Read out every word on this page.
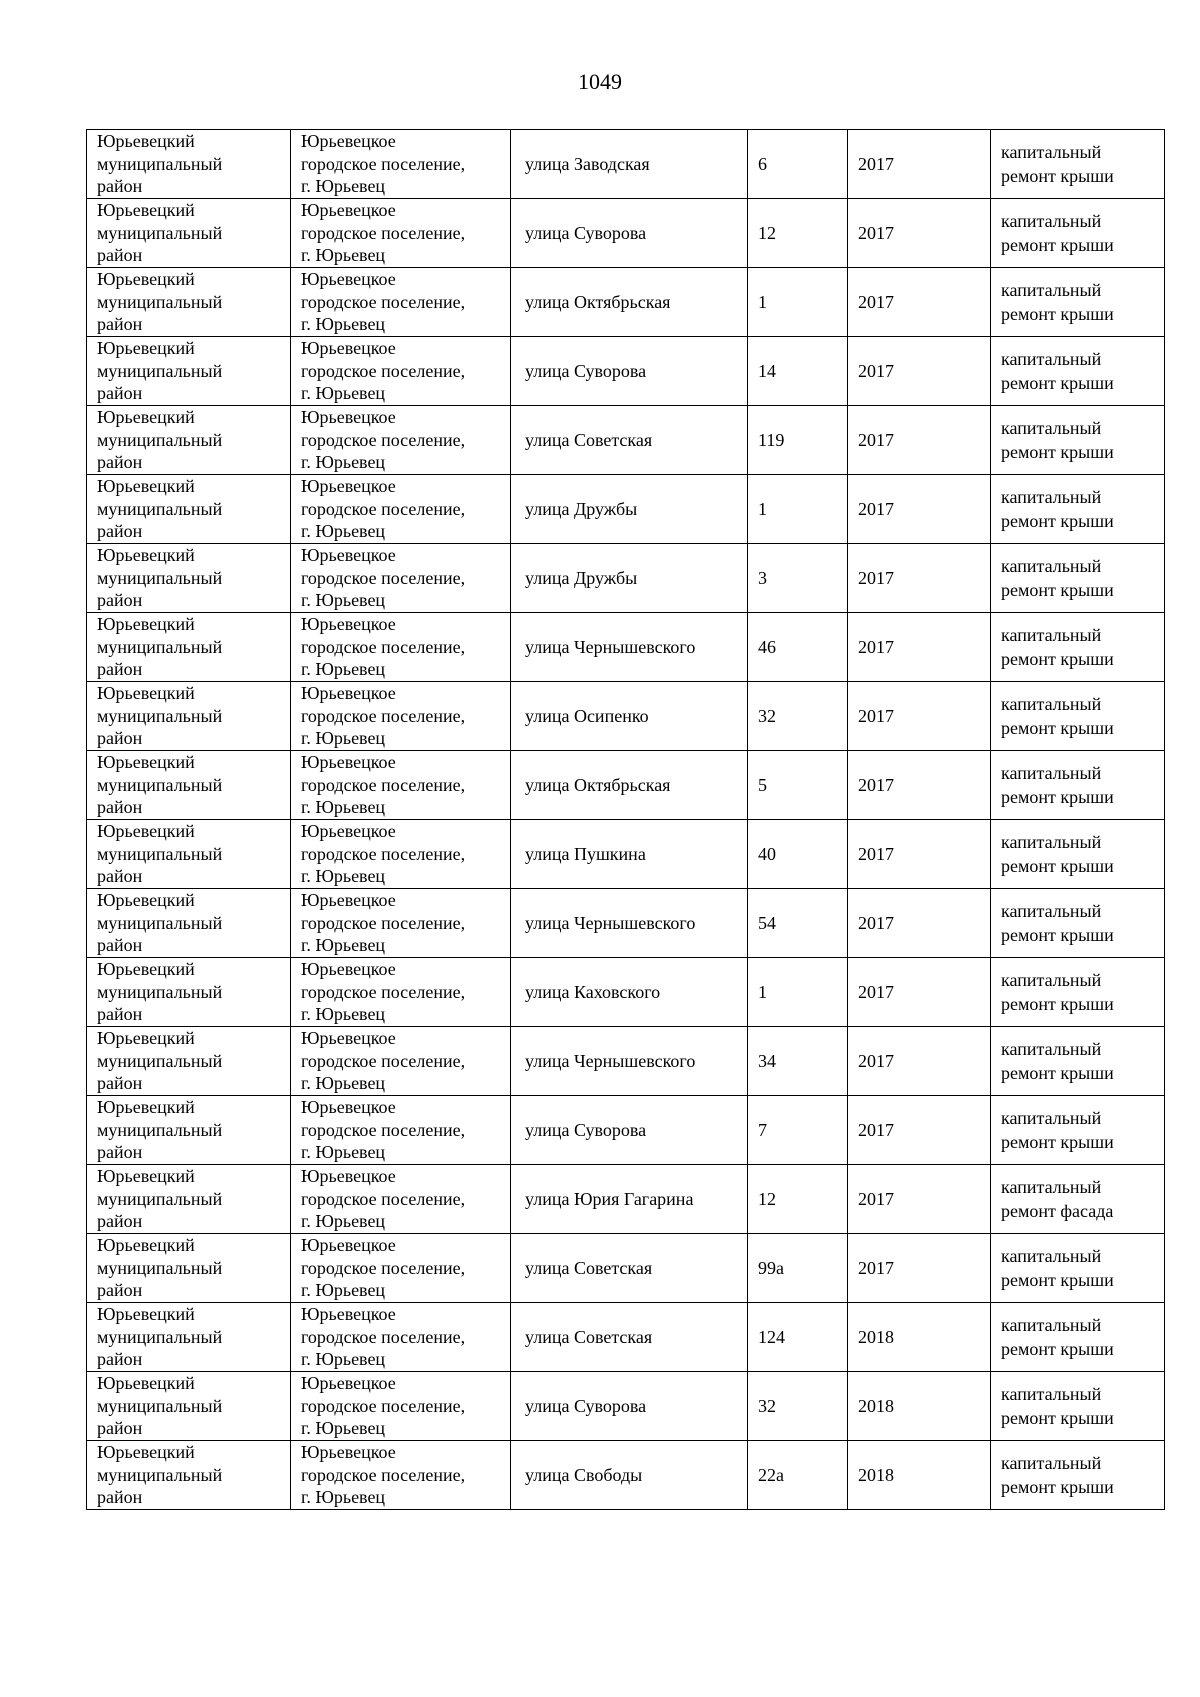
1049
Юрьевецкий
муниципальный
район	Юрьевецкое
городское поселение,
г. Юрьевец	улица Заводская	6	2017	капитальный
ремонт крыши

Юрьевецкий
муниципальный
район	Юрьевецкое
городское поселение,
г. Юрьевец	улица Суворова	12	2017	капитальный
ремонт крыши

Юрьевецкий
муниципальный
район	Юрьевецкое
городское поселение,
г. Юрьевец	улица Октябрьская	1	2017	капитальный
ремонт крыши

Юрьевецкий
муниципальный
район	Юрьевецкое
городское поселение,
г. Юрьевец	улица Суворова	14	2017	капитальный
ремонт крыши

Юрьевецкий
муниципальный
район	Юрьевецкое
городское поселение,
г. Юрьевец	улица Советская	119	2017	капитальный
ремонт крыши

Юрьевецкий
муниципальный
район	Юрьевецкое
городское поселение,
г. Юрьевец	улица Дружбы	1	2017	капитальный
ремонт крыши

Юрьевецкий
муниципальный
район	Юрьевецкое
городское поселение,
г. Юрьевец	улица Дружбы	3	2017	капитальный
ремонт крыши

Юрьевецкий
муниципальный
район	Юрьевецкое
городское поселение,
г. Юрьевец	улица Чернышевского	46	2017	капитальный
ремонт крыши

Юрьевецкий
муниципальный
район	Юрьевецкое
городское поселение,
г. Юрьевец	улица Осипенко	32	2017	капитальный
ремонт крыши

Юрьевецкий
муниципальный
район	Юрьевецкое
городское поселение,
г. Юрьевец	улица Октябрьская	5	2017	капитальный
ремонт крыши

Юрьевецкий
муниципальный
район	Юрьевецкое
городское поселение,
г. Юрьевец	улица Пушкина	40	2017	капитальный
ремонт крыши

Юрьевецкий
муниципальный
район	Юрьевецкое
городское поселение,
г. Юрьевец	улица Чернышевского	54	2017	капитальный
ремонт крыши

Юрьевецкий
муниципальный
район	Юрьевецкое
городское поселение,
г. Юрьевец	улица Каховского	1	2017	капитальный
ремонт крыши

Юрьевецкий
муниципальный
район	Юрьевецкое
городское поселение,
г. Юрьевец	улица Чернышевского	34	2017	капитальный
ремонт крыши

Юрьевецкий
муниципальный
район	Юрьевецкое
городское поселение,
г. Юрьевец	улица Суворова	7	2017	капитальный
ремонт крыши

Юрьевецкий
муниципальный
район	Юрьевецкое
городское поселение,
г. Юрьевец	улица Юрия Гагарина	12	2017	капитальный
ремонт фасада

Юрьевецкий
муниципальный
район	Юрьевецкое
городское поселение,
г. Юрьевец	улица Советская	99а	2017	капитальный
ремонт крыши

Юрьевецкий
муниципальный
район	Юрьевецкое
городское поселение,
г. Юрьевец	улица Советская	124	2018	капитальный
ремонт крыши

Юрьевецкий
муниципальный
район	Юрьевецкое
городское поселение,
г. Юрьевец	улица Суворова	32	2018	капитальный
ремонт крыши

Юрьевецкий
муниципальный
район	Юрьевецкое
городское поселение,
г. Юрьевец	улица Свободы	22а	2018	капитальный
ремонт крыши
